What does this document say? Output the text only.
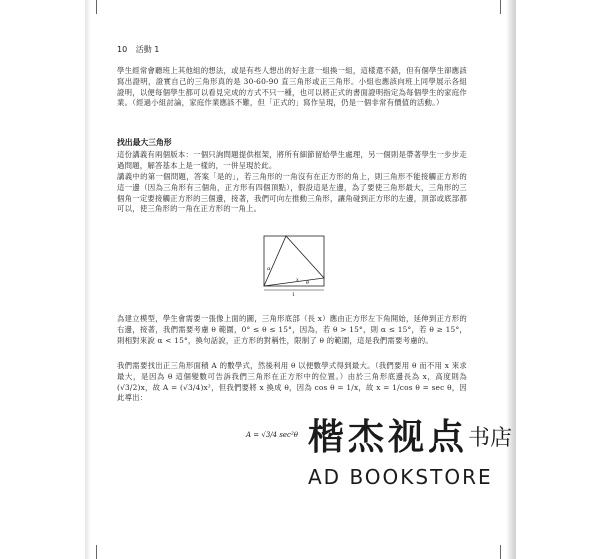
10 活動 1
學生經常會聽班上其他組的想法，或是有些人想出的好主意一組換一組，這樣還不錯，但有個學生卻應該寫出證明，證實自己的三角形真的是 30-60-90 直三角形或正三角形。小組也應該向班上同學展示各組證明，以便每個學生都可以看見完成的方式不只一種，也可以將正式的書面證明指定為每個學生的家庭作業。（經過小組討論，家庭作業應該不難，但「正式的」寫作呈現，仍是一個非常有價值的活動。）
找出最大三角形
這份講義有兩個版本：一個只詢問題提供框架，將所有細節留給學生處理，另一個則是帶著學生一步步走過問題，解答基本上是一樣的，一併呈現於此。
講義中的第一個問題，答案「是的」，若三角形的一角沒有在正方形的角上，則三角形不能接觸正方形的這一邊（因為三角形有三個角，正方形有四個頂點），假設這是左邊，為了要使三角形最大，三角形的三個角一定要接觸正方形的三個邊，接著，我們可向左推動三角形，讓角碰到正方形的左邊，頂部或底部都可以，使三角形的一角在正方形的一角上。
α
θ
x
1
為建立模型，學生會需要一張像上面的圖，三角形底部（長 x）應由正方形左下角開始，延伸到正方形的右邊，接著，我們需要考慮 θ 範圍，0° ≤ θ ≤ 15°，因為，若 θ > 15°，則 α ≤ 15°，若 θ ≥ 15°，則相對來說 α < 15°，換句話說，正方形的對稱性，限制了 θ 的範圍，這是我們需要考慮的。
我們需要找出正三角形面積 A 的數學式，然後利用 θ 以便數學式得到最大。（我們要用 θ 而不用 x 來求最大，是因為 θ 這個變數可告訴我們三角形在正方形中的位置。）由於三角形底邊長為 x，高度則為 (√3/2)x，故 A = (√3/4)x²，但我們要將 x 換成 θ，因為 cos θ = 1/x，故 x = 1/cos θ = sec θ，因此導出：
A = √3/4 sec²θ 楷杰视点 书店
AD BOOKSTORE
